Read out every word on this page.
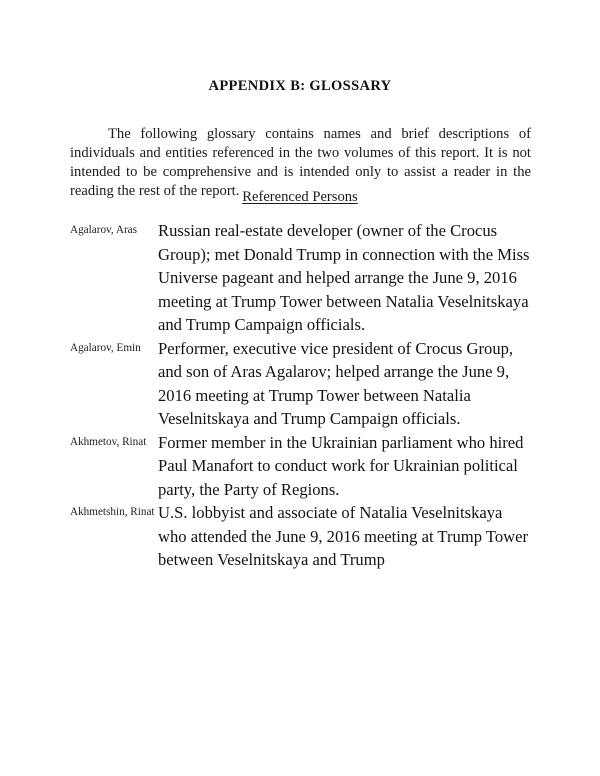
APPENDIX B: GLOSSARY

The following glossary contains names and brief descriptions of individuals and entities referenced in the two volumes of this report. It is not intended to be comprehensive and is intended only to assist a reader in the reading the rest of the report. Referenced Persons
Agalarov, Aras	Russian real-estate developer (owner of the Crocus Group); met Donald Trump in connection with the Miss Universe pageant and helped arrange the June 9, 2016 meeting at Trump Tower between Natalia Veselnitskaya and Trump Campaign officials.
Agalarov, Emin	Performer, executive vice president of Crocus Group, and son of Aras Agalarov; helped arrange the June 9, 2016 meeting at Trump Tower between Natalia Veselnitskaya and Trump Campaign officials.
Akhmetov, Rinat Former member in the Ukrainian parliament who hired Paul Manafort to conduct work for Ukrainian political party, the Party of Regions.
Akhmetshin, Rinat U.S. lobbyist and associate of Natalia Veselnitskaya who attended the June 9, 2016 meeting at Trump Tower between Veselnitskaya and Trump
